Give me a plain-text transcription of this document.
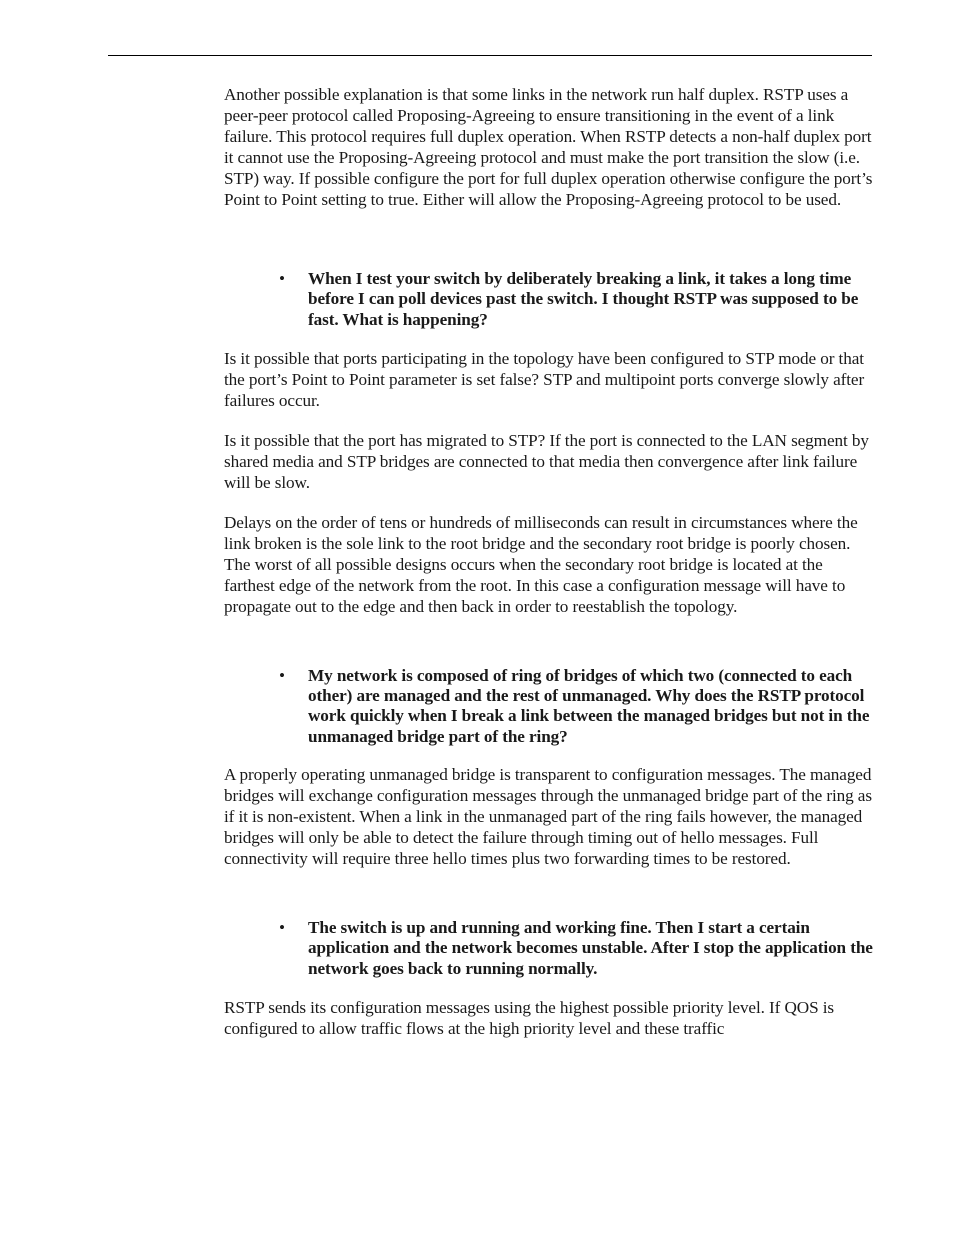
Another possible explanation is that some links in the network run half duplex. RSTP uses a peer-peer protocol called Proposing-Agreeing to ensure transitioning in the event of a link failure. This protocol requires full duplex operation. When RSTP detects a non-half duplex port it cannot use the Proposing-Agreeing protocol and must make the port transition the slow (i.e. STP) way. If possible configure the port for full duplex operation otherwise configure the port’s Point to Point setting to true. Either will allow the Proposing-Agreeing protocol to be used.

• When I test your switch by deliberately breaking a link, it takes a long time before I can poll devices past the switch. I thought RSTP was supposed to be fast. What is happening?

Is it possible that ports participating in the topology have been configured to STP mode or that the port’s Point to Point parameter is set false? STP and multipoint ports converge slowly after failures occur.

Is it possible that the port has migrated to STP? If the port is connected to the LAN segment by shared media and STP bridges are connected to that media then convergence after link failure will be slow.

Delays on the order of tens or hundreds of milliseconds can result in circumstances where the link broken is the sole link to the root bridge and the secondary root bridge is poorly chosen. The worst of all possible designs occurs when the secondary root bridge is located at the farthest edge of the network from the root. In this case a configuration message will have to propagate out to the edge and then back in order to reestablish the topology.

• My network is composed of ring of bridges of which two (connected to each other) are managed and the rest of unmanaged. Why does the RSTP protocol work quickly when I break a link between the managed bridges but not in the unmanaged bridge part of the ring?

A properly operating unmanaged bridge is transparent to configuration messages. The managed bridges will exchange configuration messages through the unmanaged bridge part of the ring as if it is non-existent. When a link in the unmanaged part of the ring fails however, the managed bridges will only be able to detect the failure through timing out of hello messages. Full connectivity will require three hello times plus two forwarding times to be restored.

• The switch is up and running and working fine. Then I start a certain application and the network becomes unstable. After I stop the application the network goes back to running normally.

RSTP sends its configuration messages using the highest possible priority level. If QOS is configured to allow traffic flows at the high priority level and these traffic
